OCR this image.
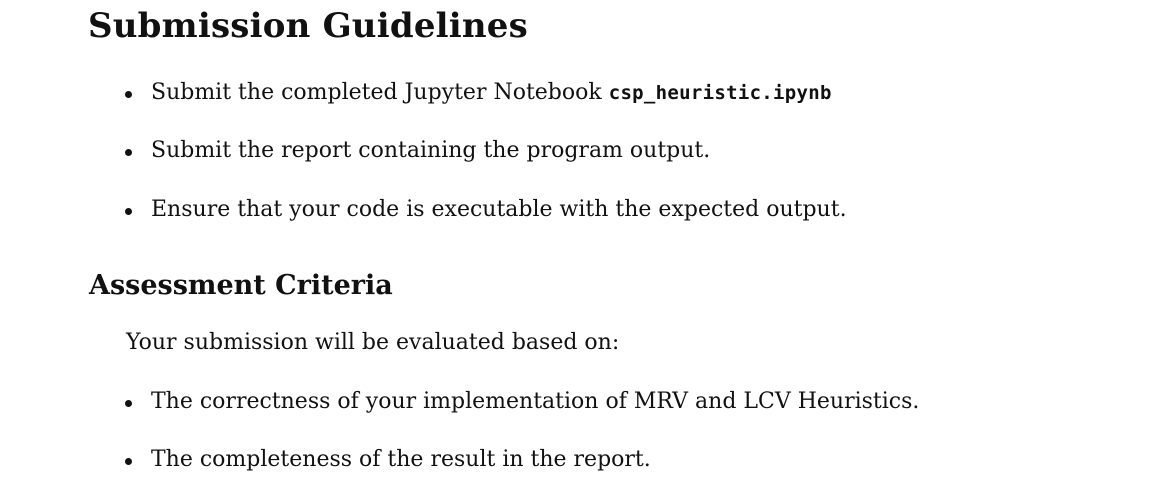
Submission Guidelines
Submit the completed Jupyter Notebook csp_heuristic.ipynb
Submit the report containing the program output.
Ensure that your code is executable with the expected output.
Assessment Criteria

Your submission will be evaluated based on:

The correctness of your implementation of MRV and LCV Heuristics.
The completeness of the result in the report.
